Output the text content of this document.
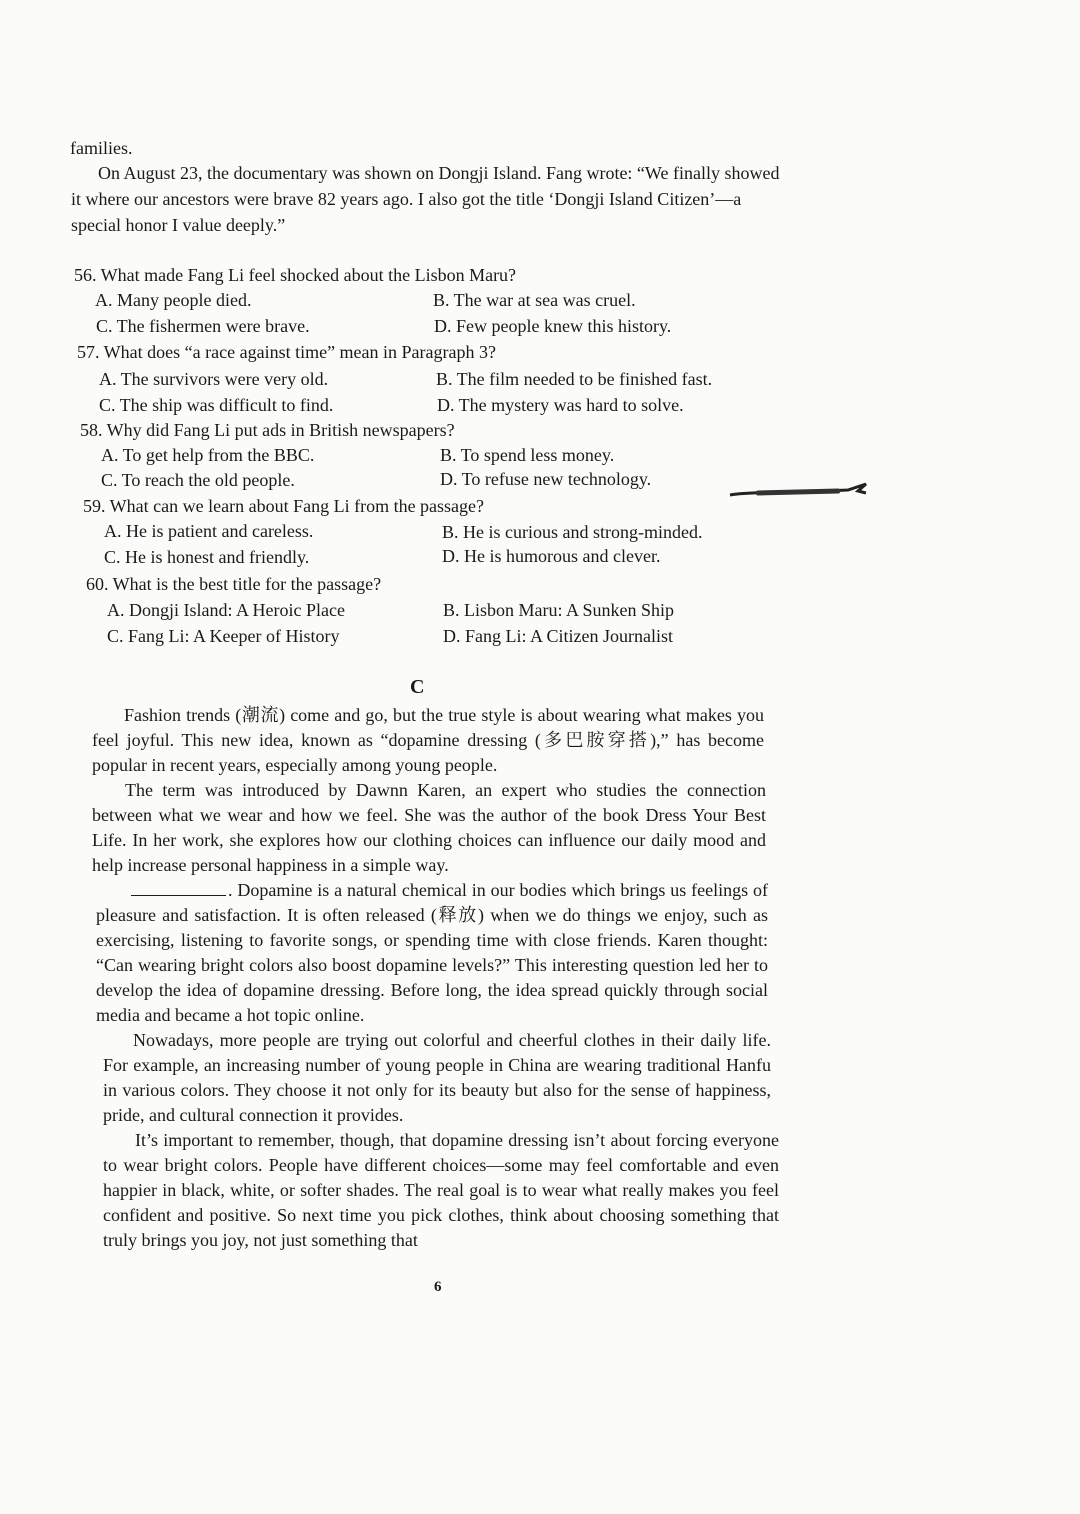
families.
On August 23, the documentary was shown on Dongji Island. Fang wrote: “We finally showed
it where our ancestors were brave 82 years ago. I also got the title ‘Dongji Island Citizen’—a
special honor I value deeply.”
56. What made Fang Li feel shocked about the Lisbon Maru?
A. Many people died.	B. The war at sea was cruel.
C. The fishermen were brave.	D. Few people knew this history.
57. What does “a race against time” mean in Paragraph 3?
A. The survivors were very old.	B. The film needed to be finished fast.
C. The ship was difficult to find.	D. The mystery was hard to solve.
58. Why did Fang Li put ads in British newspapers?
A. To get help from the BBC.	B. To spend less money.
C. To reach the old people.	D. To refuse new technology.
59. What can we learn about Fang Li from the passage?
A. He is patient and careless.	B. He is curious and strong-minded.
C. He is honest and friendly.	D. He is humorous and clever.
60. What is the best title for the passage?
A. Dongji Island: A Heroic Place	B. Lisbon Maru: A Sunken Ship
C. Fang Li: A Keeper of History	D. Fang Li: A Citizen Journalist
C
Fashion trends (潮流) come and go, but the true style is about wearing what makes you feel joyful. This new idea, known as “dopamine dressing (多巴胺穿搭),” has become popular in recent years, especially among young people.
The term was introduced by Dawnn Karen, an expert who studies the connection between what we wear and how we feel. She was the author of the book Dress Your Best Life. In her work, she explores how our clothing choices can influence our daily mood and help increase personal happiness in a simple way.
. Dopamine is a natural chemical in our bodies which brings us feelings of pleasure and satisfaction. It is often released (释放) when we do things we enjoy, such as exercising, listening to favorite songs, or spending time with close friends. Karen thought: “Can wearing bright colors also boost dopamine levels?” This interesting question led her to develop the idea of dopamine dressing. Before long, the idea spread quickly through social media and became a hot topic online.
Nowadays, more people are trying out colorful and cheerful clothes in their daily life. For example, an increasing number of young people in China are wearing traditional Hanfu in various colors. They choose it not only for its beauty but also for the sense of happiness, pride, and cultural connection it provides.
It’s important to remember, though, that dopamine dressing isn’t about forcing everyone to wear bright colors. People have different choices—some may feel comfortable and even happier in black, white, or softer shades. The real goal is to wear what really makes you feel confident and positive. So next time you pick clothes, think about choosing something that truly brings you joy, not just something that
6
